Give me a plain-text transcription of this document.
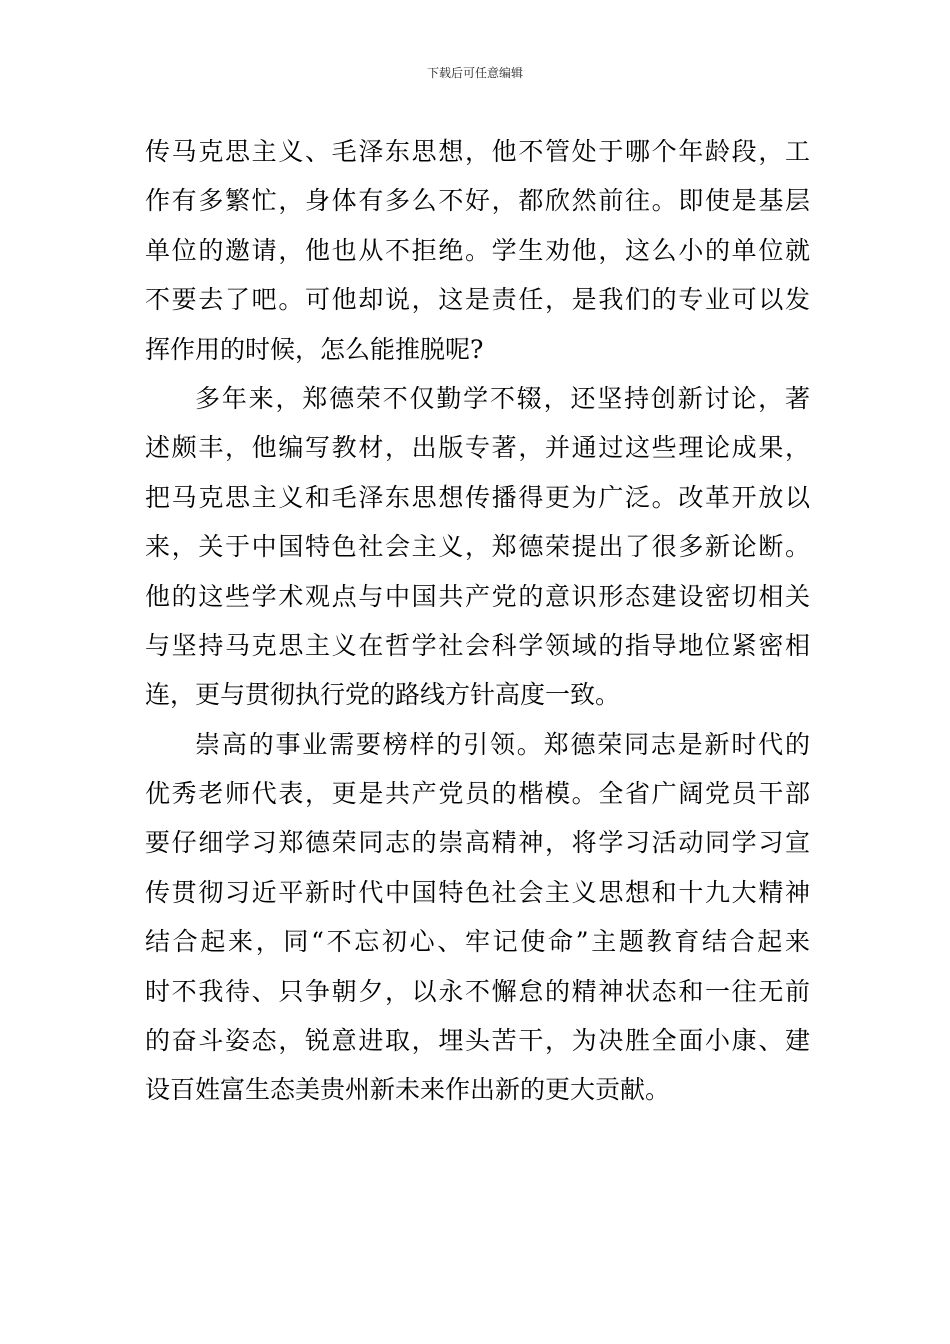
下载后可任意编辑
传马克思主义、毛泽东思想，他不管处于哪个年龄段，工
作有多繁忙，身体有多么不好，都欣然前往。即使是基层
单位的邀请，他也从不拒绝。学生劝他，这么小的单位就
不要去了吧。可他却说，这是责任，是我们的专业可以发
挥作用的时候，怎么能推脱呢?
多年来，郑德荣不仅勤学不辍，还坚持创新讨论，著
述颇丰，他编写教材，出版专著，并通过这些理论成果，
把马克思主义和毛泽东思想传播得更为广泛。改革开放以
来，关于中国特色社会主义，郑德荣提出了很多新论断。
他的这些学术观点与中国共产党的意识形态建设密切相关
与坚持马克思主义在哲学社会科学领域的指导地位紧密相
连，更与贯彻执行党的路线方针高度一致。
崇高的事业需要榜样的引领。郑德荣同志是新时代的
优秀老师代表，更是共产党员的楷模。全省广阔党员干部
要仔细学习郑德荣同志的崇高精神，将学习活动同学习宣
传贯彻习近平新时代中国特色社会主义思想和十九大精神
结合起来，同“不忘初心、牢记使命”主题教育结合起来
时不我待、只争朝夕，以永不懈怠的精神状态和一往无前
的奋斗姿态，锐意进取，埋头苦干，为决胜全面小康、建
设百姓富生态美贵州新未来作出新的更大贡献。
